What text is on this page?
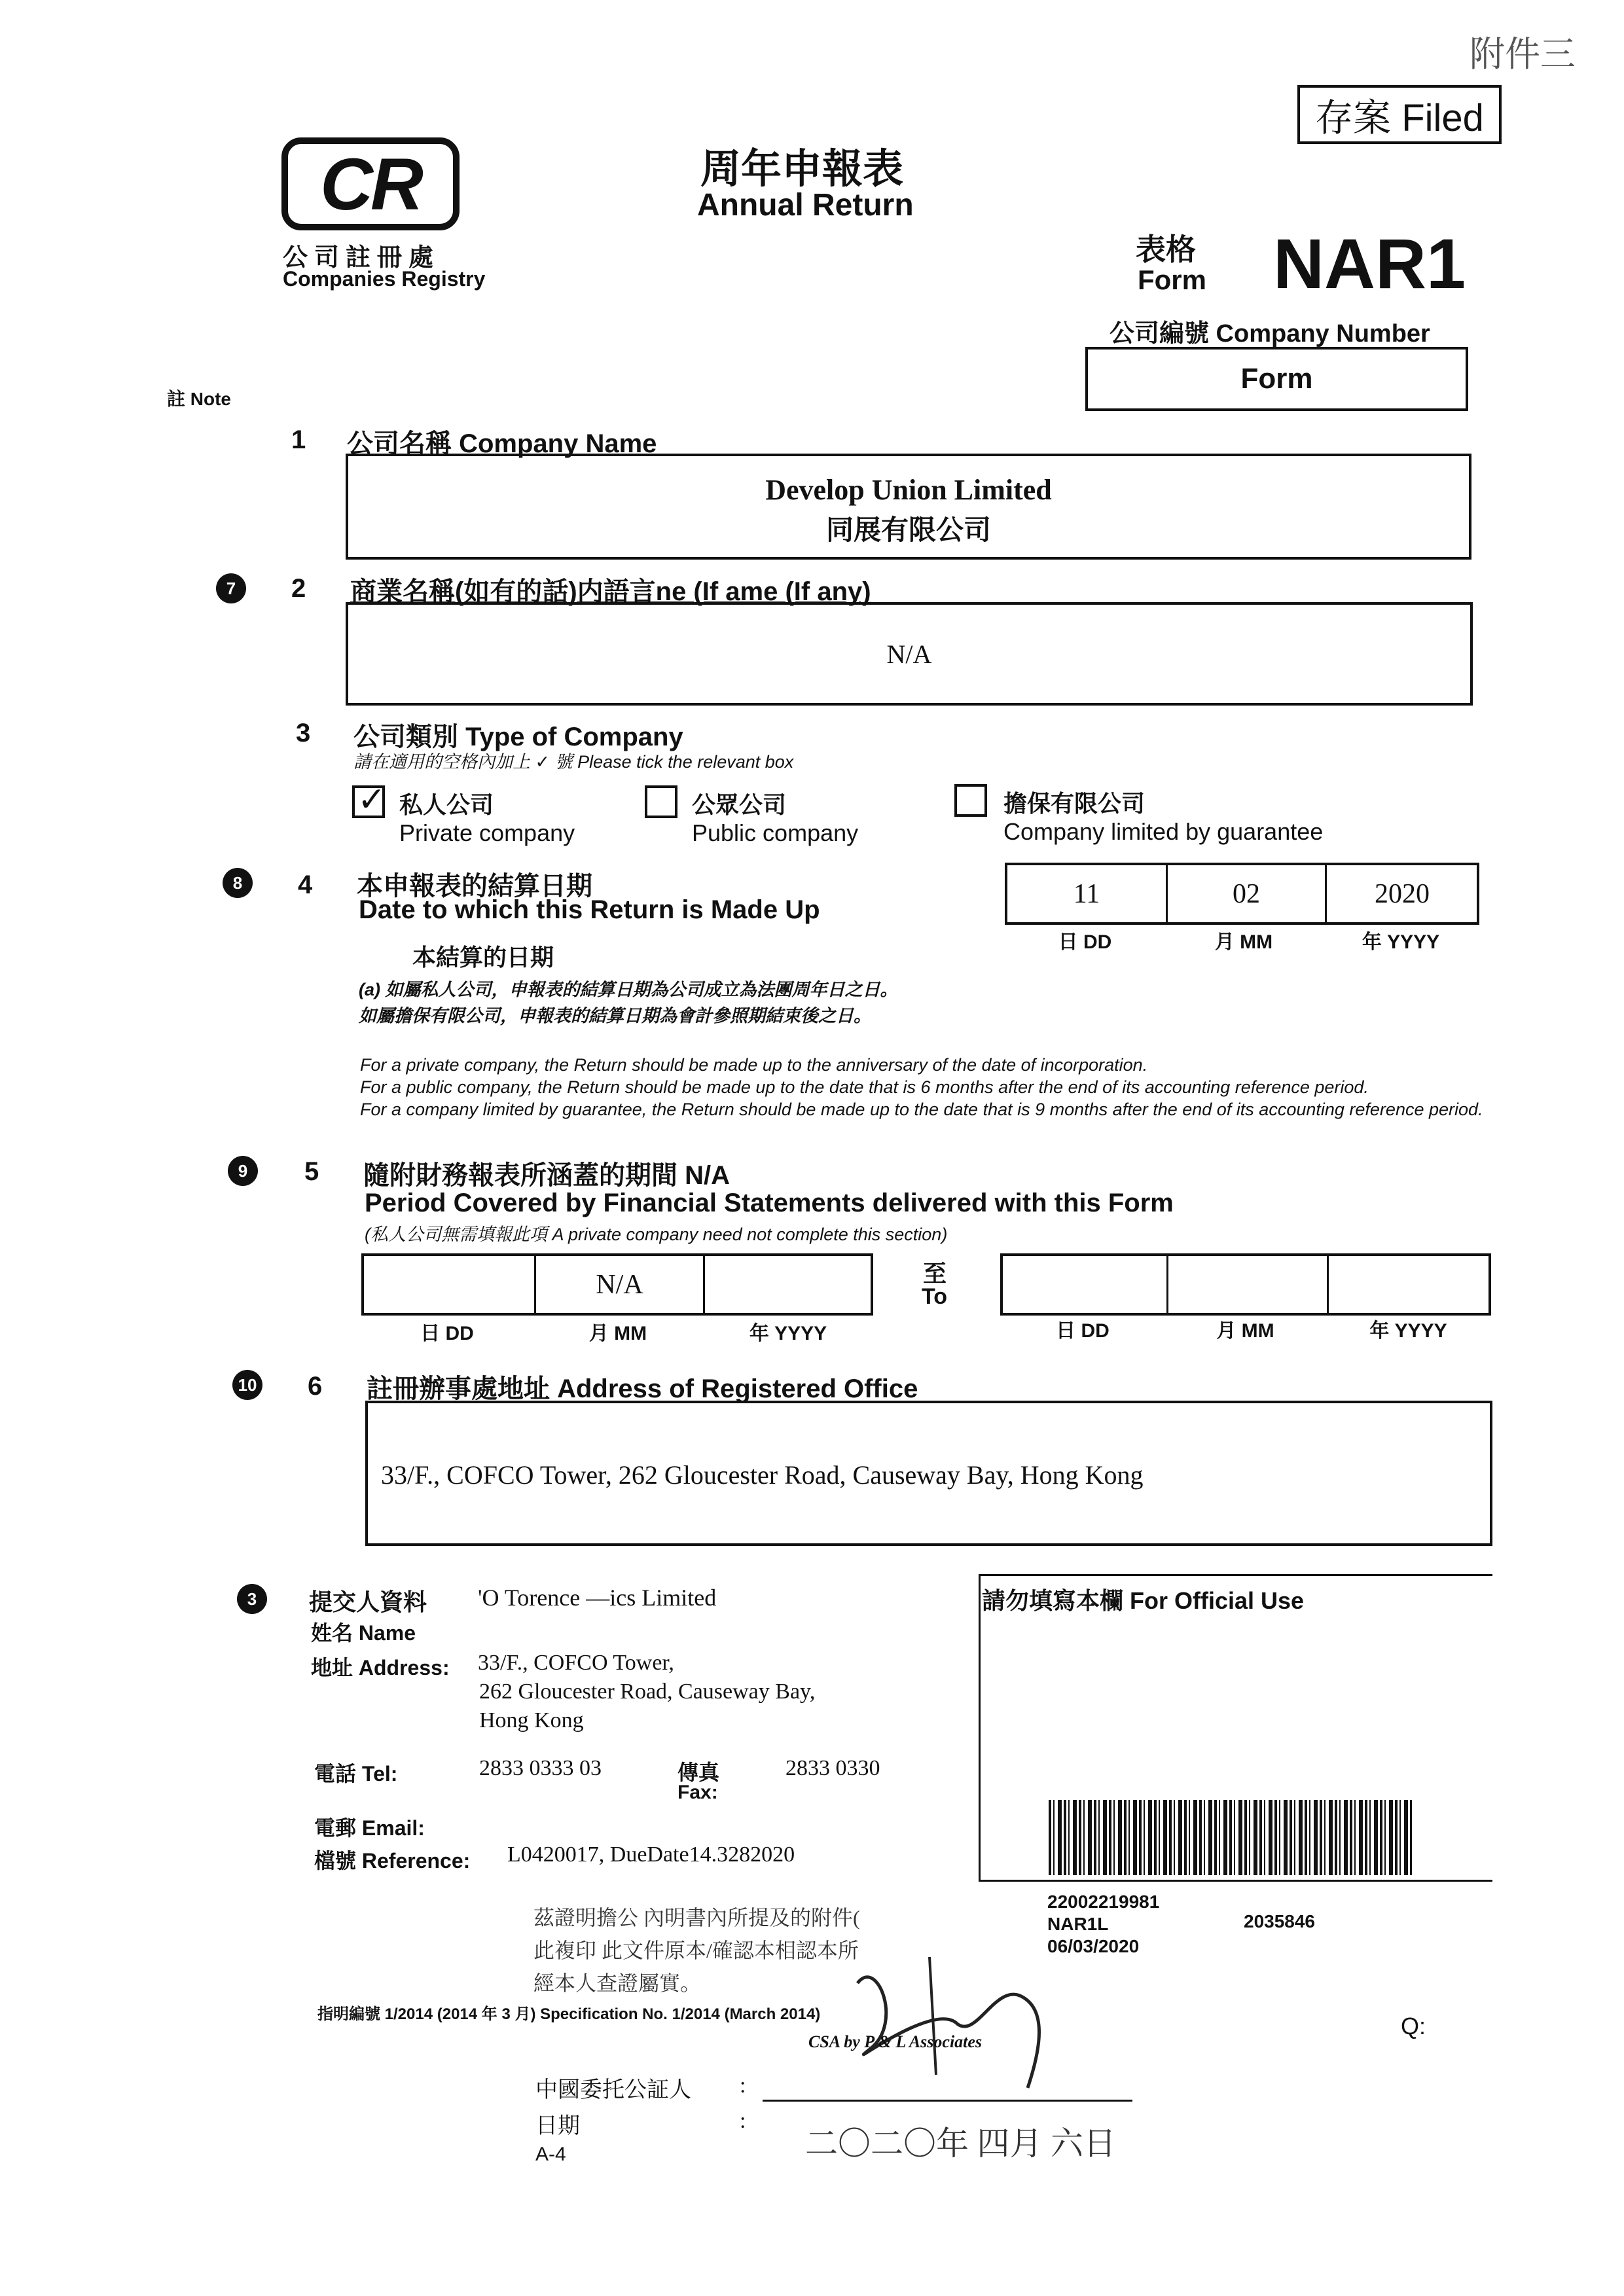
附件三
存案 Filed
CR
公司註冊處
Companies Registry
周年申報表
Annual Return
表格
Form NAR1
公司編號 Company Number
Form
註 Note
1 公司名稱 Company Name
Develop Union Limited
同展有限公司
7	2 商業名稱(如有的話)内語言ne (If ame (If any)
N/A
3 公司類別 Type of Company
請在適用的空格內加上 ✓ 號 Please tick the relevant box
✓ 私人公司
Private company
公眾公司
Public company
擔保有限公司
Company limited by guarantee
8	4 本申報表的結算日期
Date to which this Return is Made Up
11	02	2020
日 DD	月 MM	年 YYYY
本結算的日期
(a) 如屬私人公司，申報表的結算日期為公司成立為法團周年日之日。
如屬擔保有限公司，申報表的結算日期為會計參照期結束後之日。
For a private company, the Return should be made up to the anniversary of the date of incorporation.
For a public company, the Return should be made up to the date that is 6 months after the end of its accounting reference period.
For a company limited by guarantee, the Return should be made up to the date that is 9 months after the end of its accounting reference period.
9	5 隨附財務報表所涵蓋的期間 N/A
Period Covered by Financial Statements delivered with this Form
(私人公司無需填報此項 A private company need not complete this section)
N/A
日 DD	月 MM	年 YYYY
至
To
日 DD	月 MM	年 YYYY
10 6 註冊辦事處地址 Address of Registered Office
33/F., COFCO Tower, 262 Gloucester Road, Causeway Bay, Hong Kong
3	提交人資料
姓名 Name
'O Torence —ics Limited
地址 Address: 33/F., COFCO Tower,
262 Gloucester Road, Causeway Bay,
Hong Kong
電話 Tel:	2833 0333 03	傳真
Fax:
2833 0330
電郵 Email:
檔號 Reference: L0420017, DueDate14.3282020
請勿填寫本欄 For Official Use
22002219981
NAR1L
06/03/2020
2035846
茲證明擔公 內明書內所提及的附件(
此複印 此文件原本/確認本相認本所
經本人查證屬實。
指明編號 1/2014 (2014 年 3 月) Specification No. 1/2014 (March 2014)
CSA by P & L Associates
中國委托公証人 :
日期	:
二〇二〇年 四月 六日
A-4
Q:
